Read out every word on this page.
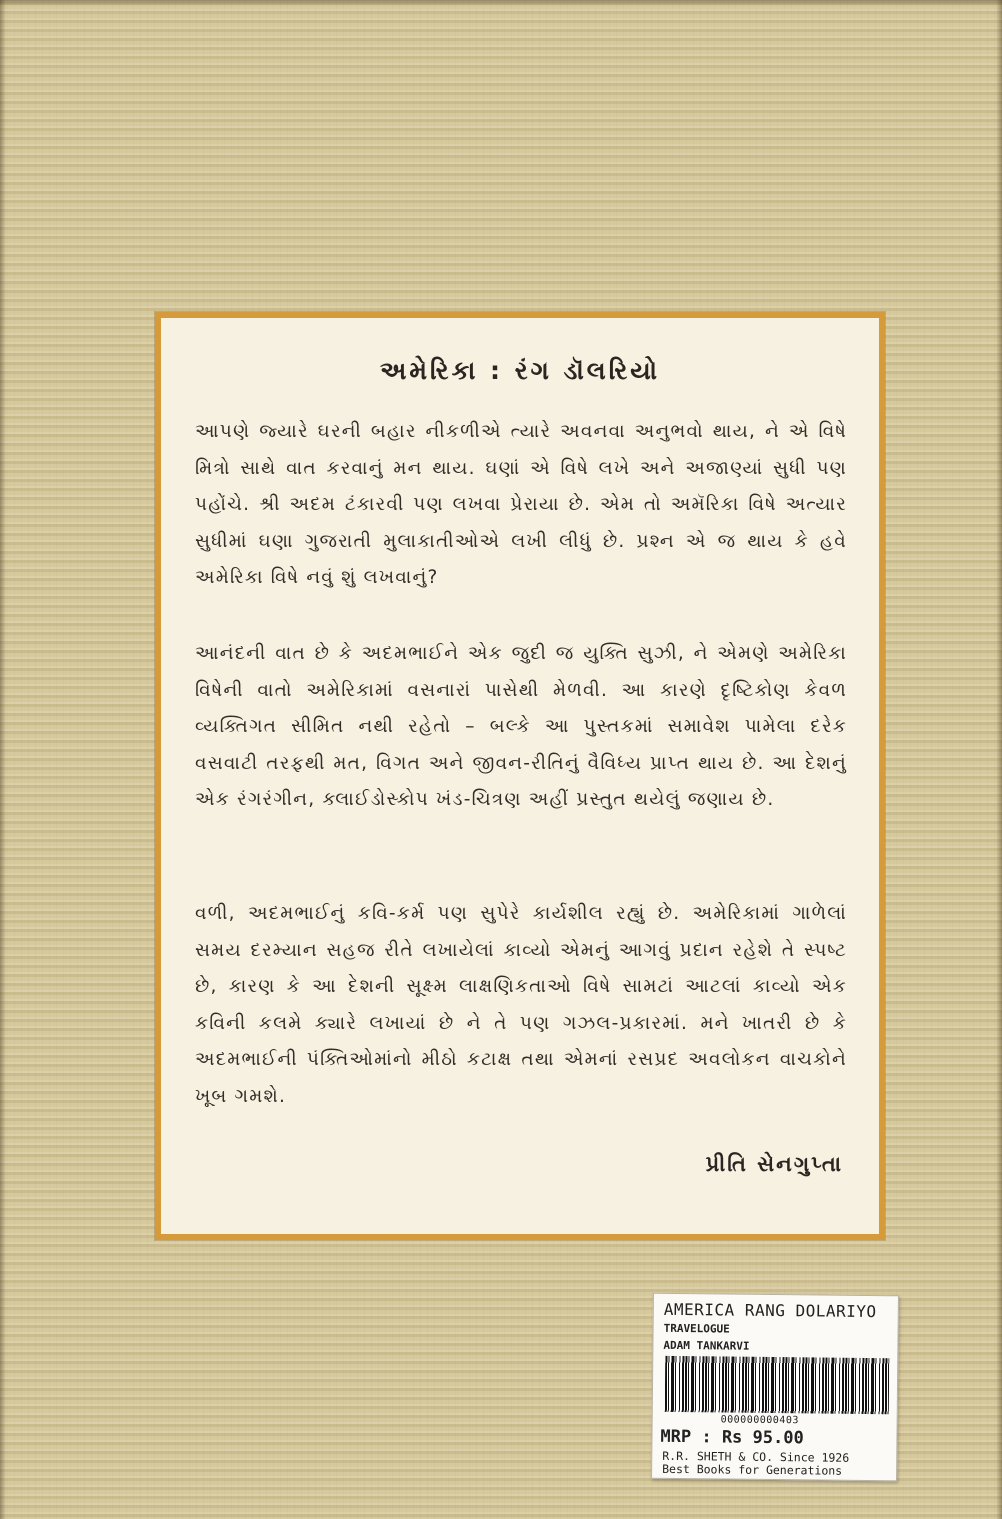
અમેરિકા : રંગ ડૉલરિયો

આપણે જ્યારે ઘરની બહાર નીકળીએ ત્યારે અવનવા અનુભવો થાય, ને એ વિષે મિત્રો સાથે વાત કરવાનું મન થાય. ઘણાં એ વિષે લખે અને અજાણ્યાં સુધી પણ પહોંચે. શ્રી અદમ ટંકારવી પણ લખવા પ્રેરાયા છે. એમ તો અમૅરિકા વિષે અત્યાર સુધીમાં ઘણા ગુજરાતી મુલાકાતીઓએ લખી લીધું છે. પ્રશ્ન એ જ થાય કે હવે અમેરિકા વિષે નવું શું લખવાનું?

આનંદની વાત છે કે અદમભાઈને એક જુદી જ યુક્તિ સુઝી, ને એમણે અમેરિકા વિષેની વાતો અમેરિકામાં વસનારાં પાસેથી મેળવી. આ કારણે દૃષ્ટિકોણ કેવળ વ્યક્તિગત સીમિત નથી રહેતો – બલ્કે આ પુસ્તકમાં સમાવેશ પામેલા દરેક વસવાટી તરફથી મત, વિગત અને જીવન-રીતિનું વૈવિધ્ય પ્રાપ્ત થાય છે. આ દેશનું એક રંગરંગીન, ક્લાઈડોસ્કોપ ખંડ-ચિત્રણ અહીં પ્રસ્તુત થયેલું જણાય છે.

વળી, અદમભાઈનું કવિ-કર્મ પણ સુપેરે કાર્યશીલ રહ્યું છે. અમેરિકામાં ગાળેલાં સમય દરમ્યાન સહજ રીતે લખાયેલાં કાવ્યો એમનું આગવું પ્રદાન રહેશે તે સ્પષ્ટ છે, કારણ કે આ દેશની સૂક્ષ્મ લાક્ષણિકતાઓ વિષે સામટાં આટલાં કાવ્યો એક કવિની કલમે ક્યારે લખાયાં છે ને તે પણ ગઝલ-પ્રકારમાં. મને ખાતરી છે કે અદમભાઈની પંક્તિઓમાંનો મીઠો કટાક્ષ તથા એમનાં રસપ્રદ અવલોકન વાચકોને ખૂબ ગમશે.

પ્રીતિ સેનગુપ્તા
AMERICA RANG DOLARIYO
TRAVELOGUE
ADAM TANKARVI
000000000403
MRP : Rs 95.00
R.R. SHETH & CO. Since 1926
Best Books for Generations
